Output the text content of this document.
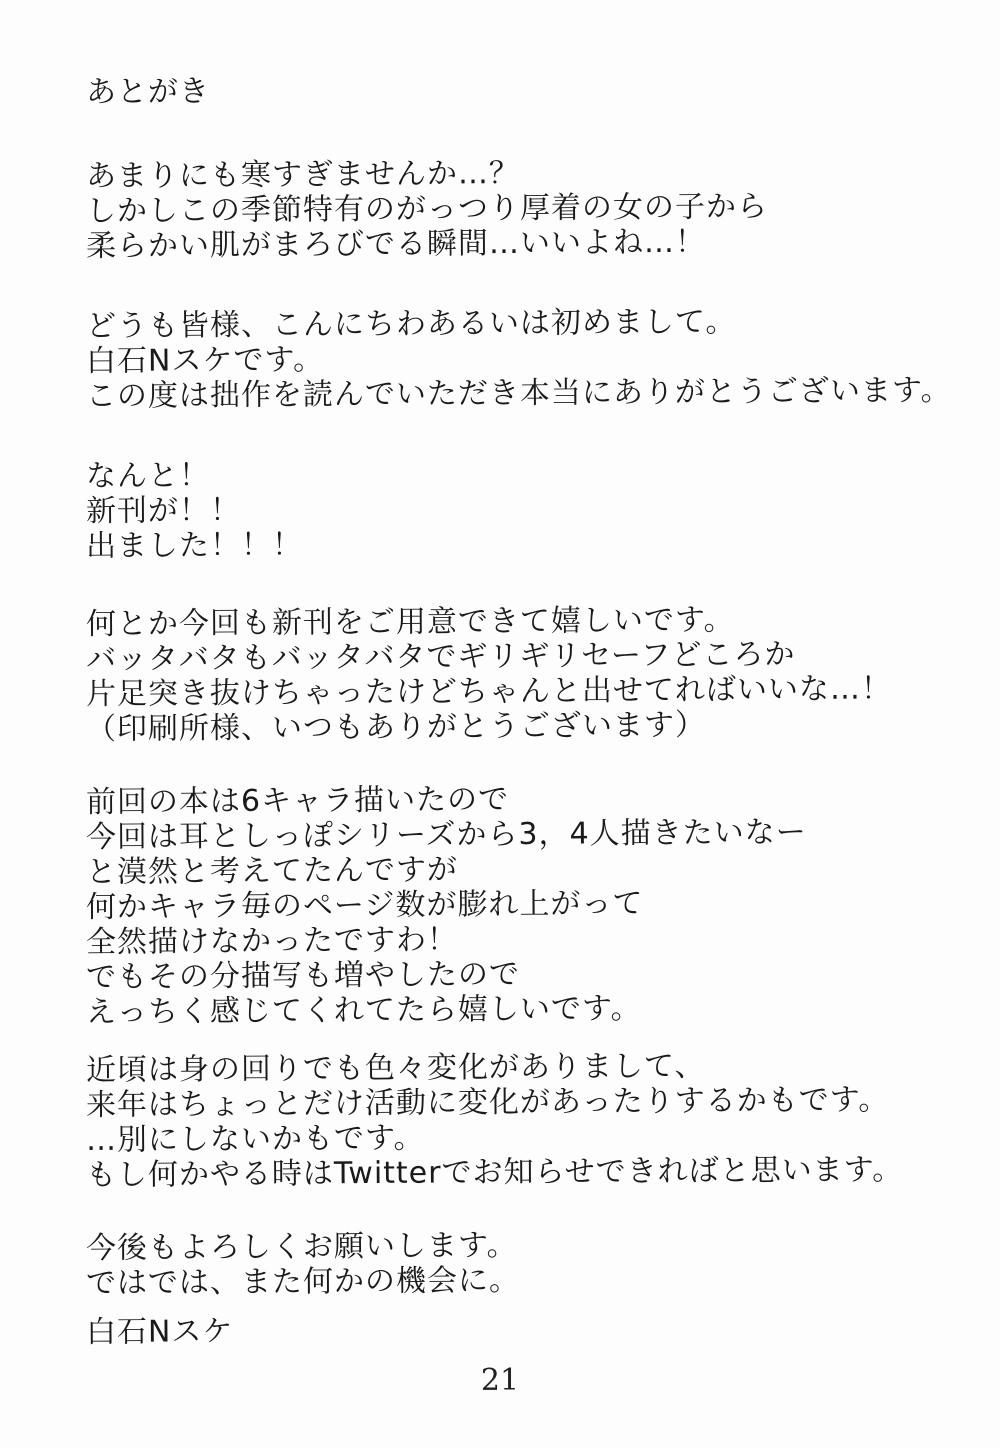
あとがき
あまりにも寒すぎませんか…？
しかしこの季節特有のがっつり厚着の女の子から
柔らかい肌がまろびでる瞬間…いいよね…！
どうも皆様、こんにちわあるいは初めまして。
白石Nスケです。
この度は拙作を読んでいただき本当にありがとうございます。
なんと！
新刊が！！
出ました！！！
何とか今回も新刊をご用意できて嬉しいです。
バッタバタもバッタバタでギリギリセーフどころか
片足突き抜けちゃったけどちゃんと出せてればいいな…！
（印刷所様、いつもありがとうございます）
前回の本は6キャラ描いたので
今回は耳としっぽシリーズから3，4人描きたいなー
と漠然と考えてたんですが
何かキャラ毎のページ数が膨れ上がって
全然描けなかったですわ！
でもその分描写も増やしたので
えっちく感じてくれてたら嬉しいです。
近頃は身の回りでも色々変化がありまして、
来年はちょっとだけ活動に変化があったりするかもです。
…別にしないかもです。
もし何かやる時はTwitterでお知らせできればと思います。
今後もよろしくお願いします。
ではでは、また何かの機会に。
白石Nスケ
21
